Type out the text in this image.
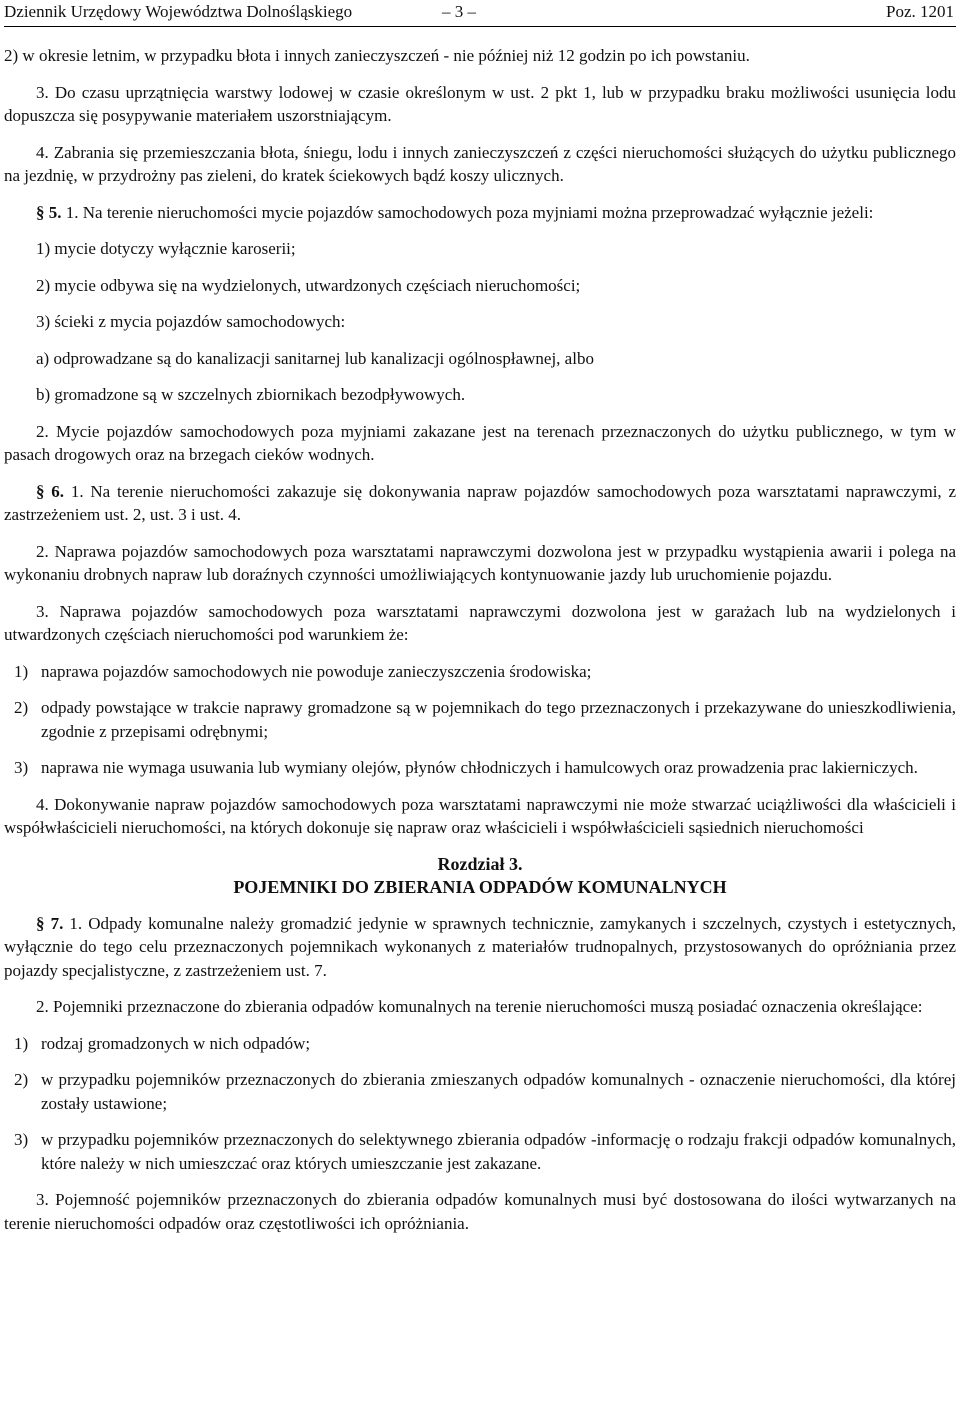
Dziennik Urzędowy Województwa Dolnośląskiego	– 3 –	Poz. 1201

2) w okresie letnim, w przypadku błota i innych zanieczyszczeń - nie później niż 12 godzin po ich powstaniu.

3. Do czasu uprzątnięcia warstwy lodowej w czasie określonym w ust. 2 pkt 1, lub w przypadku braku możliwości usunięcia lodu dopuszcza się posypywanie materiałem uszorstniającym.

4. Zabrania się przemieszczania błota, śniegu, lodu i innych zanieczyszczeń z części nieruchomości służących do użytku publicznego na jezdnię, w przydrożny pas zieleni, do kratek ściekowych bądź koszy ulicznych.

§ 5. 1. Na terenie nieruchomości mycie pojazdów samochodowych poza myjniami można przeprowadzać wyłącznie jeżeli:

1) mycie dotyczy wyłącznie karoserii;

2) mycie odbywa się na wydzielonych, utwardzonych częściach nieruchomości;

3) ścieki z mycia pojazdów samochodowych:

a) odprowadzane są do kanalizacji sanitarnej lub kanalizacji ogólnospławnej, albo

b) gromadzone są w szczelnych zbiornikach bezodpływowych.

2. Mycie pojazdów samochodowych poza myjniami zakazane jest na terenach przeznaczonych do użytku publicznego, w tym w pasach drogowych oraz na brzegach cieków wodnych.

§ 6. 1. Na terenie nieruchomości zakazuje się dokonywania napraw pojazdów samochodowych poza warsztatami naprawczymi, z zastrzeżeniem ust. 2, ust. 3 i ust. 4.

2. Naprawa pojazdów samochodowych poza warsztatami naprawczymi dozwolona jest w przypadku wystąpienia awarii i polega na wykonaniu drobnych napraw lub doraźnych czynności umożliwiających kontynuowanie jazdy lub uruchomienie pojazdu.

3. Naprawa pojazdów samochodowych poza warsztatami naprawczymi dozwolona jest w garażach lub na wydzielonych i utwardzonych częściach nieruchomości pod warunkiem że:

1) naprawa pojazdów samochodowych nie powoduje zanieczyszczenia środowiska;
2) odpady powstające w trakcie naprawy gromadzone są w pojemnikach do tego przeznaczonych i przekazywane do unieszkodliwienia, zgodnie z przepisami odrębnymi;
3) naprawa nie wymaga usuwania lub wymiany olejów, płynów chłodniczych i hamulcowych oraz prowadzenia prac lakierniczych.

4. Dokonywanie napraw pojazdów samochodowych poza warsztatami naprawczymi nie może stwarzać uciążliwości dla właścicieli i współwłaścicieli nieruchomości, na których dokonuje się napraw oraz właścicieli i współwłaścicieli sąsiednich nieruchomości

Rozdział 3.
POJEMNIKI DO ZBIERANIA ODPADÓW KOMUNALNYCH

§ 7. 1. Odpady komunalne należy gromadzić jedynie w sprawnych technicznie, zamykanych i szczelnych, czystych i estetycznych, wyłącznie do tego celu przeznaczonych pojemnikach wykonanych z materiałów trudnopalnych, przystosowanych do opróżniania przez pojazdy specjalistyczne, z zastrzeżeniem ust. 7.

2. Pojemniki przeznaczone do zbierania odpadów komunalnych na terenie nieruchomości muszą posiadać oznaczenia określające:

1) rodzaj gromadzonych w nich odpadów;
2) w przypadku pojemników przeznaczonych do zbierania zmieszanych odpadów komunalnych - oznaczenie nieruchomości, dla której zostały ustawione;
3) w przypadku pojemników przeznaczonych do selektywnego zbierania odpadów -informację o rodzaju frakcji odpadów komunalnych, które należy w nich umieszczać oraz których umieszczanie jest zakazane.

3. Pojemność pojemników przeznaczonych do zbierania odpadów komunalnych musi być dostosowana do ilości wytwarzanych na terenie nieruchomości odpadów oraz częstotliwości ich opróżniania.
